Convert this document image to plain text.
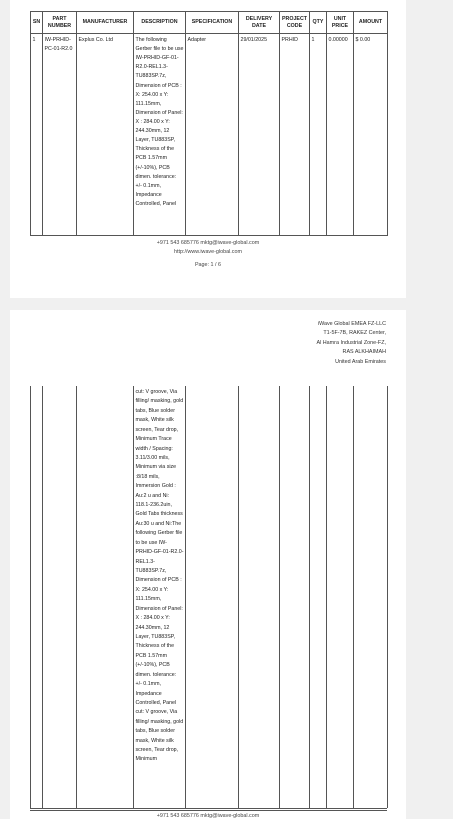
SN	PART NUMBER	MANUFACTURER	DESCRIPTION	SPECIFICATION	DELIVERY DATE	PROJECT CODE	QTY	UNIT PRICE	AMOUNT
1	IW-PRHID-PC-01-R2.0	Explus Co. Ltd	The following Gerber file to be use IW-PRHID-GF-01-R2.0-REL1.3-TU883SP.7z, Dimension of PCB : X: 254.00 x Y: 111.15mm, Dimension of Panel: X : 284.00 x Y: 244.30mm, 12 Layer, TU883SP, Thickness of the PCB 1.57mm (+/-10%), PCB dimen. tolerance: +/- 0.1mm, Impedance Controlled, Panel	Adapter	29/01/2025	PRHID	1	0.00000	$ 0.00
+971 543 685776 mktg@iwave-global.com
http://www.iwave-global.com
Page: 1 / 6
iWave Global EMEA FZ-LLC
T1-5F-7B, RAKEZ Center,
Al Hamra Industrial Zone-FZ,
RAS ALKHAIMAH
United Arab Emirates
			cut: V groove, Via filling/ masking, gold tabs, Blue solder mask, White silk screen, Tear drop, Minimum Trace width / Spacing: 3.11/3.00 mils, Minimum via size :8/18 mils, Immersion Gold : Au:2 u and Ni: 118.1-236.2uin, Gold Tabs thickness Au:30 u and Ni:The following Gerber file to be use IW-PRHID-GF-01-R2.0-REL1.3-TU883SP.7z, Dimension of PCB : X: 254.00 x Y: 111.15mm, Dimension of Panel: X : 284.00 x Y: 244.30mm, 12 Layer, TU883SP, Thickness of the PCB 1.57mm (+/-10%), PCB dimen. tolerance: +/- 0.1mm, Impedance Controlled, Panel cut: V groove, Via filling/ masking, gold tabs, Blue solder mask, White silk screen, Tear drop, Minimum						
+971 543 685776 mktg@iwave-global.com
